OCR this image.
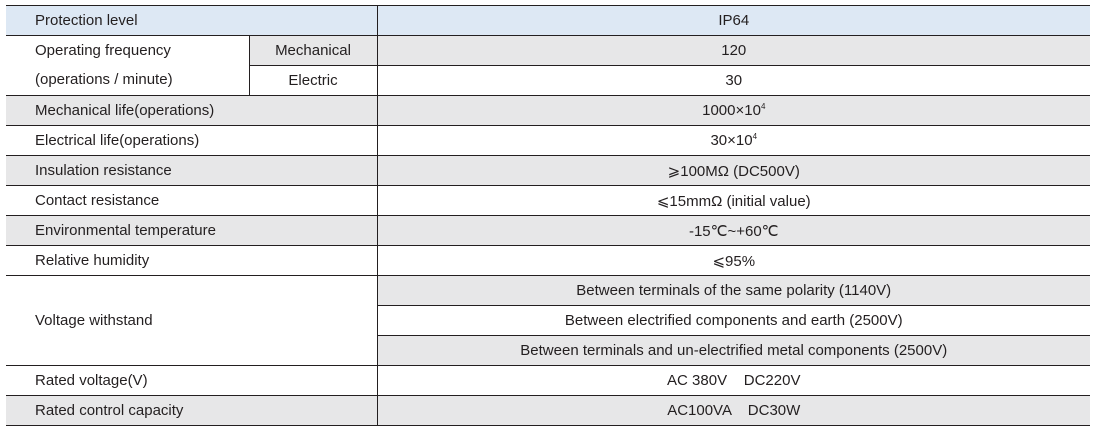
Protection level		IP64

Operating frequency
(operations / minute)	Mechanical	120
	Electric	30
Mechanical life(operations)		$1000\times 10^4$
Electrical life(operations)		$30\times 10^4$
Insulation resistance		⩾100MΩ (DC500V)
Contact resistance		⩽15mmΩ (initial value)
Environmental temperature		-15℃~+60℃
Relative humidity		⩽95%
Voltage withstand		Between terminals of the same polarity (1140V)
		Between electrified components and earth (2500V)
		Between terminals and un-electrified metal components (2500V)
Rated voltage(V)		AC 380V    DC220V
Rated control capacity		AC100VA    DC30W
